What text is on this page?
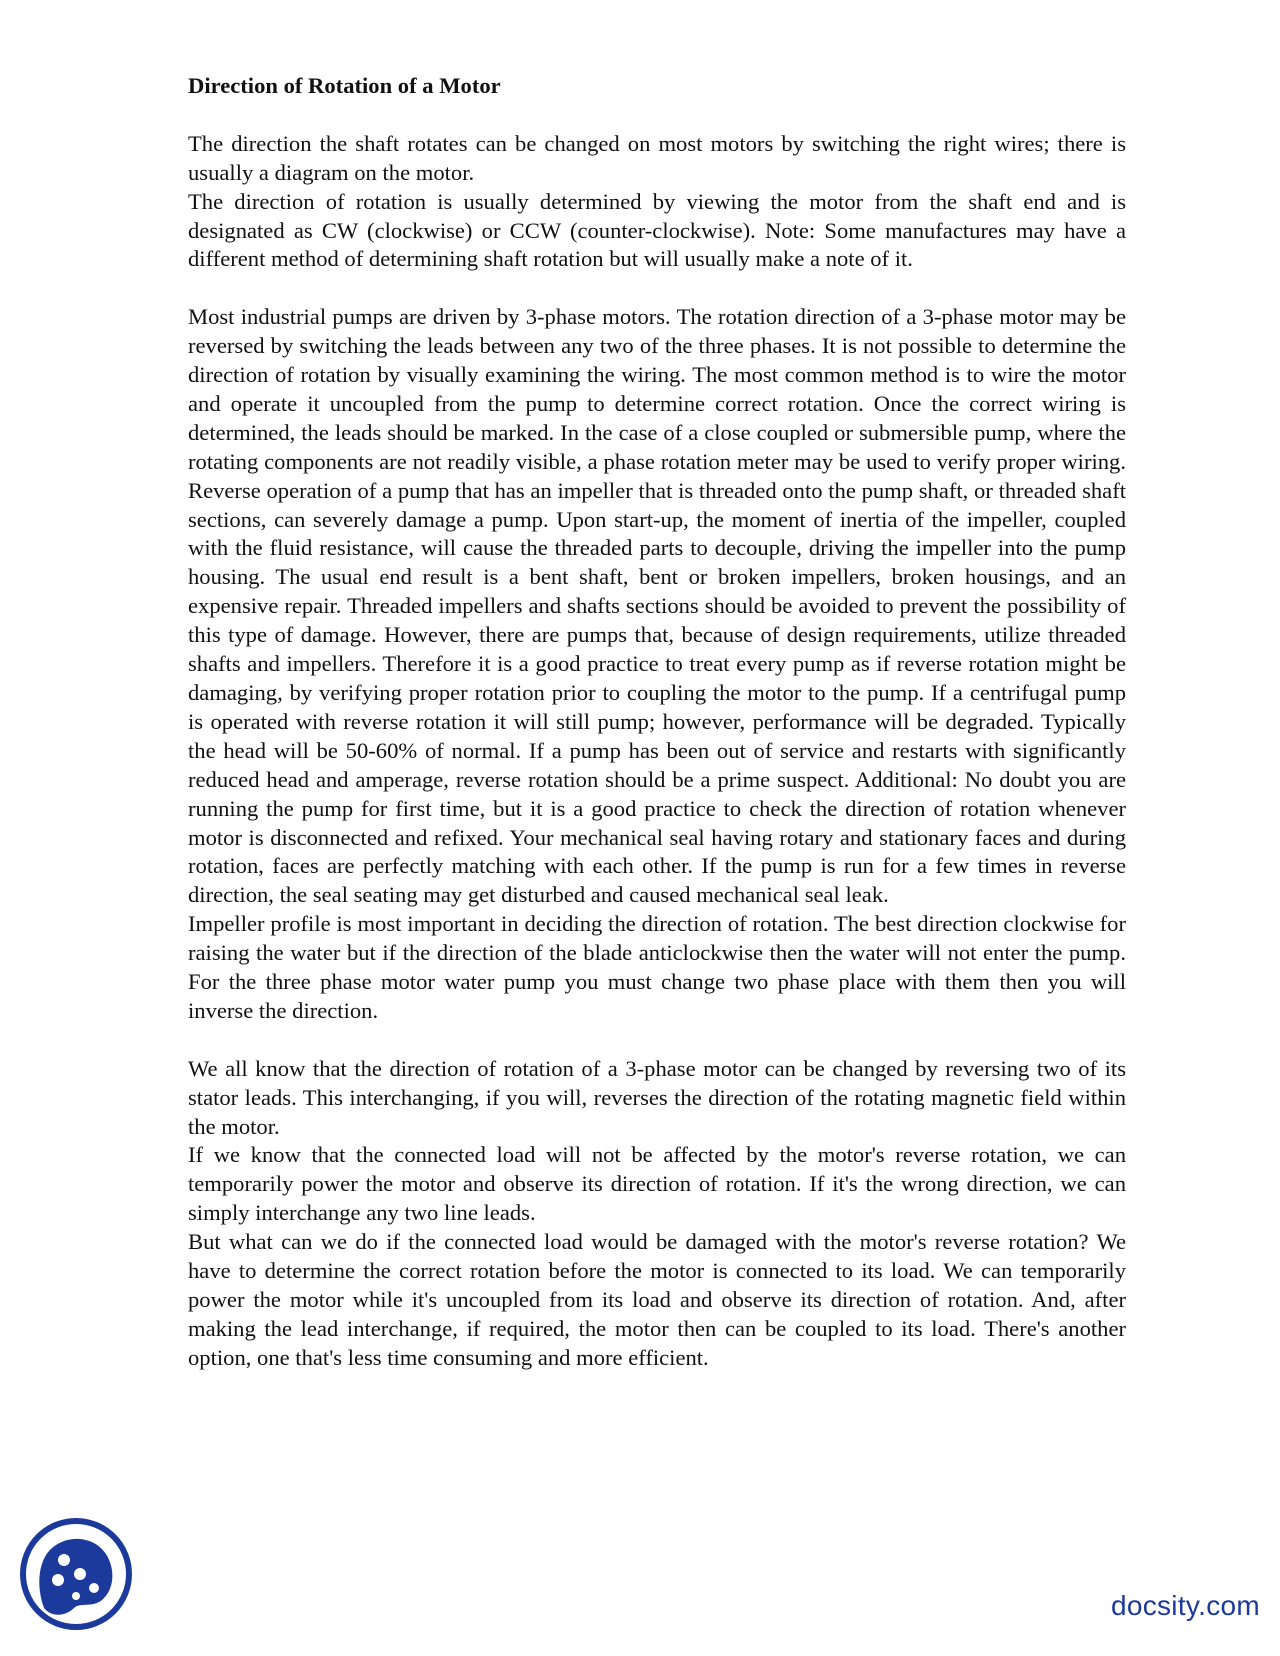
Direction of Rotation of a Motor

The direction the shaft rotates can be changed on most motors by switching the right wires; there is usually a diagram on the motor.

The direction of rotation is usually determined by viewing the motor from the shaft end and is designated as CW (clockwise) or CCW (counter-clockwise). Note: Some manufactures may have a different method of determining shaft rotation but will usually make a note of it.

Most industrial pumps are driven by 3-phase motors. The rotation direction of a 3-phase motor may be reversed by switching the leads between any two of the three phases. It is not possible to determine the direction of rotation by visually examining the wiring. The most common method is to wire the motor and operate it uncoupled from the pump to determine correct rotation. Once the correct wiring is determined, the leads should be marked. In the case of a close coupled or submersible pump, where the rotating components are not readily visible, a phase rotation meter may be used to verify proper wiring. Reverse operation of a pump that has an impeller that is threaded onto the pump shaft, or threaded shaft sections, can severely damage a pump. Upon start-up, the moment of inertia of the impeller, coupled with the fluid resistance, will cause the threaded parts to decouple, driving the impeller into the pump housing. The usual end result is a bent shaft, bent or broken impellers, broken housings, and an expensive repair. Threaded impellers and shafts sections should be avoided to prevent the possibility of this type of damage. However, there are pumps that, because of design requirements, utilize threaded shafts and impellers. Therefore it is a good practice to treat every pump as if reverse rotation might be damaging, by verifying proper rotation prior to coupling the motor to the pump. If a centrifugal pump is operated with reverse rotation it will still pump; however, performance will be degraded. Typically the head will be 50-60% of normal. If a pump has been out of service and restarts with significantly reduced head and amperage, reverse rotation should be a prime suspect. Additional: No doubt you are running the pump for first time, but it is a good practice to check the direction of rotation whenever motor is disconnected and refixed. Your mechanical seal having rotary and stationary faces and during rotation, faces are perfectly matching with each other. If the pump is run for a few times in reverse direction, the seal seating may get disturbed and caused mechanical seal leak.

Impeller profile is most important in deciding the direction of rotation. The best direction clockwise for raising the water but if the direction of the blade anticlockwise then the water will not enter the pump. For the three phase motor water pump you must change two phase place with them then you will inverse the direction.

We all know that the direction of rotation of a 3-phase motor can be changed by reversing two of its stator leads. This interchanging, if you will, reverses the direction of the rotating magnetic field within the motor.

If we know that the connected load will not be affected by the motor's reverse rotation, we can temporarily power the motor and observe its direction of rotation. If it's the wrong direction, we can simply interchange any two line leads.

But what can we do if the connected load would be damaged with the motor's reverse rotation? We have to determine the correct rotation before the motor is connected to its load. We can temporarily power the motor while it's uncoupled from its load and observe its direction of rotation. And, after making the lead interchange, if required, the motor then can be coupled to its load. There's another option, one that's less time consuming and more efficient.

docsity.com
